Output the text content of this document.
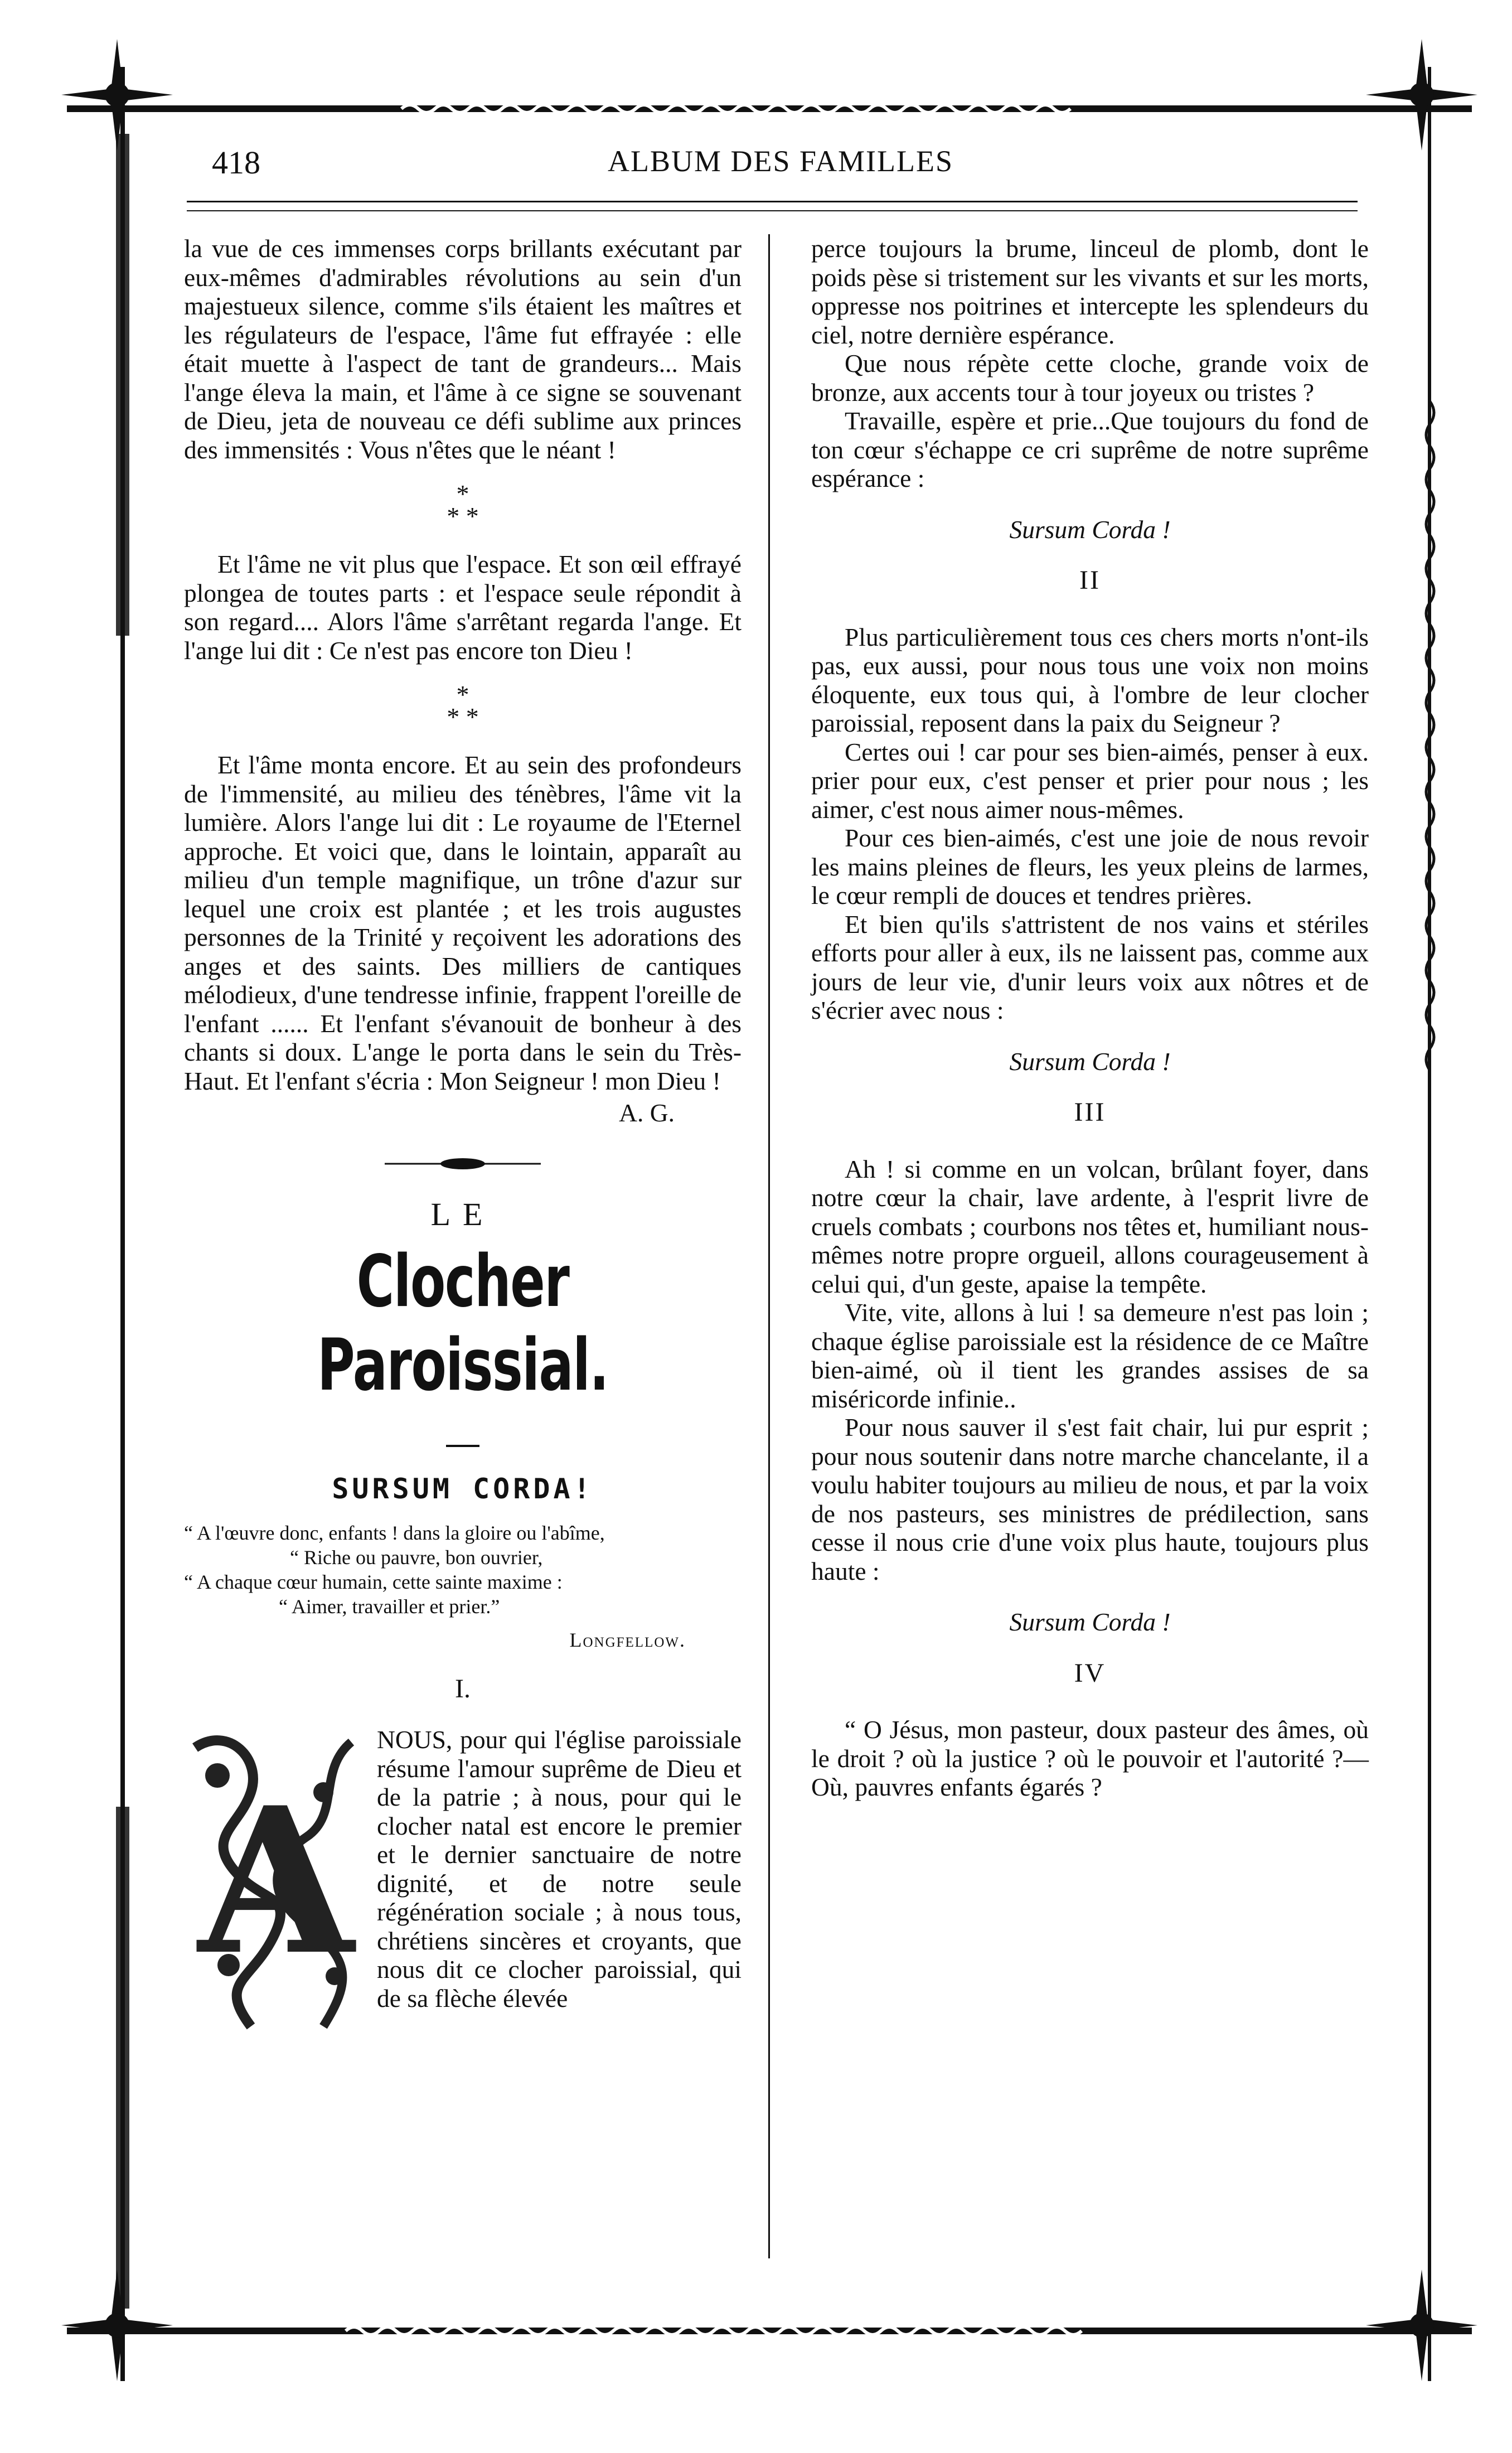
418	ALBUM DES FAMILLES

la vue de ces immenses corps brillants exécutant par eux-mêmes d'admirables révolutions au sein d'un majestueux silence, comme s'ils étaient les maîtres et les régulateurs de l'espace, l'âme fut effrayée : elle était muette à l'aspect de tant de grandeurs... Mais l'ange éleva la main, et l'âme à ce signe se souvenant de Dieu, jeta de nouveau ce défi sublime aux princes des immensités : Vous n'êtes que le néant !

*
* *

Et l'âme ne vit plus que l'espace. Et son œil effrayé plongea de toutes parts : et l'espace seule répondit à son regard.... Alors l'âme s'arrêtant regarda l'ange. Et l'ange lui dit : Ce n'est pas encore ton Dieu !

*
* *

Et l'âme monta encore. Et au sein des profondeurs de l'immensité, au milieu des ténèbres, l'âme vit la lumière. Alors l'ange lui dit : Le royaume de l'Eternel approche. Et voici que, dans le lointain, apparaît au milieu d'un temple magnifique, un trône d'azur sur lequel une croix est plantée ; et les trois augustes personnes de la Trinité y reçoivent les adorations des anges et des saints. Des milliers de cantiques mélodieux, d'une tendresse infinie, frappent l'oreille de l'enfant ...... Et l'enfant s'évanouit de bonheur à des chants si doux. L'ange le porta dans le sein du Très-Haut. Et l'enfant s'écria : Mon Seigneur ! mon Dieu !

A. G.
LE
Clocher Paroissial.
SURSUM CORDA!
“ A l'œuvre donc, enfants ! dans la gloire ou l'abîme,
“ Riche ou pauvre, bon ouvrier,
“ A chaque cœur humain, cette sainte maxime :
“ Aimer, travailler et prier.”
Longfellow.
I.
A

NOUS, pour qui l'église paroissiale résume l'amour suprême de Dieu et de la patrie ; à nous, pour qui le clocher natal est encore le premier et le dernier sanctuaire de notre dignité, et de notre seule régénération sociale ; à nous tous, chrétiens sincères et croyants, que nous dit ce clocher paroissial, qui de sa flèche élevée

perce toujours la brume, linceul de plomb, dont le poids pèse si tristement sur les vivants et sur les morts, oppresse nos poitrines et intercepte les splendeurs du ciel, notre dernière espérance.

Que nous répète cette cloche, grande voix de bronze, aux accents tour à tour joyeux ou tristes ?

Travaille, espère et prie...Que toujours du fond de ton cœur s'échappe ce cri suprême de notre suprême espérance :

Sursum Corda !
II

Plus particulièrement tous ces chers morts n'ont-ils pas, eux aussi, pour nous tous une voix non moins éloquente, eux tous qui, à l'ombre de leur clocher paroissial, reposent dans la paix du Seigneur ?

Certes oui ! car pour ses bien-aimés, penser à eux. prier pour eux, c'est penser et prier pour nous ; les aimer, c'est nous aimer nous-mêmes.

Pour ces bien-aimés, c'est une joie de nous revoir les mains pleines de fleurs, les yeux pleins de larmes, le cœur rempli de douces et tendres prières.

Et bien qu'ils s'attristent de nos vains et stériles efforts pour aller à eux, ils ne laissent pas, comme aux jours de leur vie, d'unir leurs voix aux nôtres et de s'écrier avec nous :

Sursum Corda !
III

Ah ! si comme en un volcan, brûlant foyer, dans notre cœur la chair, lave ardente, à l'esprit livre de cruels combats ; courbons nos têtes et, humiliant nous-mêmes notre propre orgueil, allons courageusement à celui qui, d'un geste, apaise la tempête.

Vite, vite, allons à lui ! sa demeure n'est pas loin ; chaque église paroissiale est la résidence de ce Maître bien-aimé, où il tient les grandes assises de sa miséricorde infinie..

Pour nous sauver il s'est fait chair, lui pur esprit ; pour nous soutenir dans notre marche chancelante, il a voulu habiter toujours au milieu de nous, et par la voix de nos pasteurs, ses ministres de prédilection, sans cesse il nous crie d'une voix plus haute, toujours plus haute :

Sursum Corda !
IV

“ O Jésus, mon pasteur, doux pasteur des âmes, où le droit ? où la justice ? où le pouvoir et l'autorité ?—Où, pauvres enfants égarés ?
